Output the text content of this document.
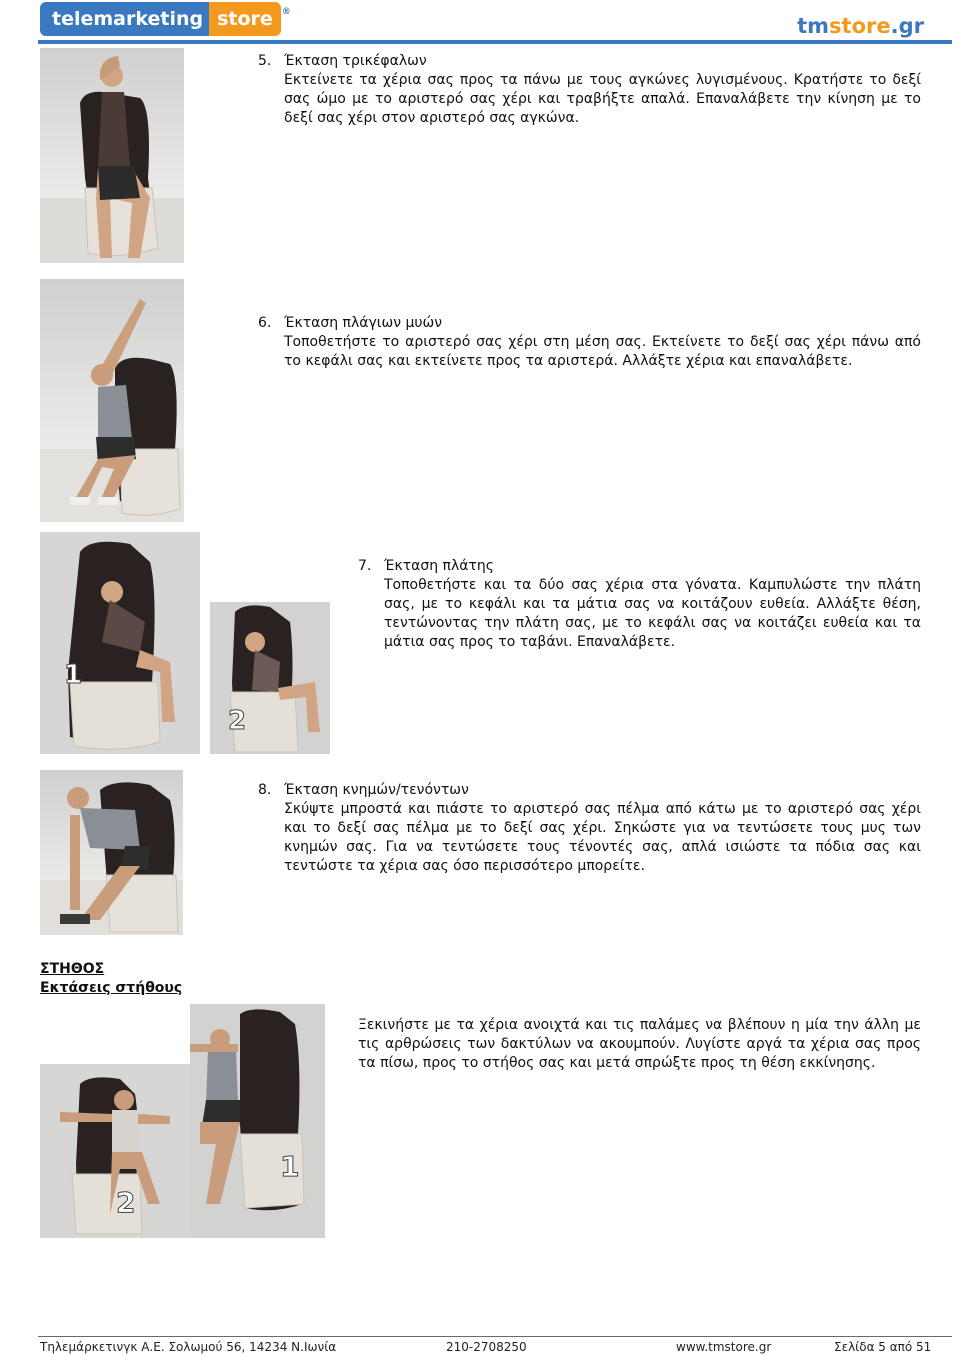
telemarketing store ®
tmstore.gr
5. Έκταση τρικέφαλων
Εκτείνετε τα χέρια σας προς τα πάνω με τους αγκώνες λυγισμένους. Κρατήστε το δεξί σας ώμο με το αριστερό σας χέρι και τραβήξτε απαλά. Επαναλάβετε την κίνηση με το δεξί σας χέρι στον αριστερό σας αγκώνα.
6. Έκταση πλάγιων μυών
Τοποθετήστε το αριστερό σας χέρι στη μέση σας. Εκτείνετε το δεξί σας χέρι πάνω από το κεφάλι σας και εκτείνετε προς τα αριστερά. Αλλάξτε χέρια και επαναλάβετε.
1
2
7. Έκταση πλάτης
Τοποθετήστε και τα δύο σας χέρια στα γόνατα. Καμπυλώστε την πλάτη σας, με το κεφάλι και τα μάτια σας να κοιτάζουν ευθεία. Αλλάξτε θέση, τεντώνοντας την πλάτη σας, με το κεφάλι σας να κοιτάζει ευθεία και τα μάτια σας προς το ταβάνι. Επαναλάβετε.
8. Έκταση κνημών/τενόντων
Σκύψτε μπροστά και πιάστε το αριστερό σας πέλμα από κάτω με το αριστερό σας χέρι και το δεξί σας πέλμα με το δεξί σας χέρι. Σηκώστε για να τεντώσετε τους μυς των κνημών σας. Για να τεντώσετε τους τένοντές σας, απλά ισιώστε τα πόδια σας και τεντώστε τα χέρια σας όσο περισσότερο μπορείτε.
ΣΤΗΘΟΣ
Εκτάσεις στήθους
1
2
Ξεκινήστε με τα χέρια ανοιχτά και τις παλάμες να βλέπουν η μία την άλλη με τις αρθρώσεις των δακτύλων να ακουμπούν. Λυγίστε αργά τα χέρια σας προς τα πίσω, προς το στήθος σας και μετά σπρώξτε προς τη θέση εκκίνησης.
Τηλεμάρκετινγκ Α.Ε. Σολωμού 56, 14234 Ν.Ιωνία	210-2708250	www.tmstore.gr	Σελίδα 5 από 51
